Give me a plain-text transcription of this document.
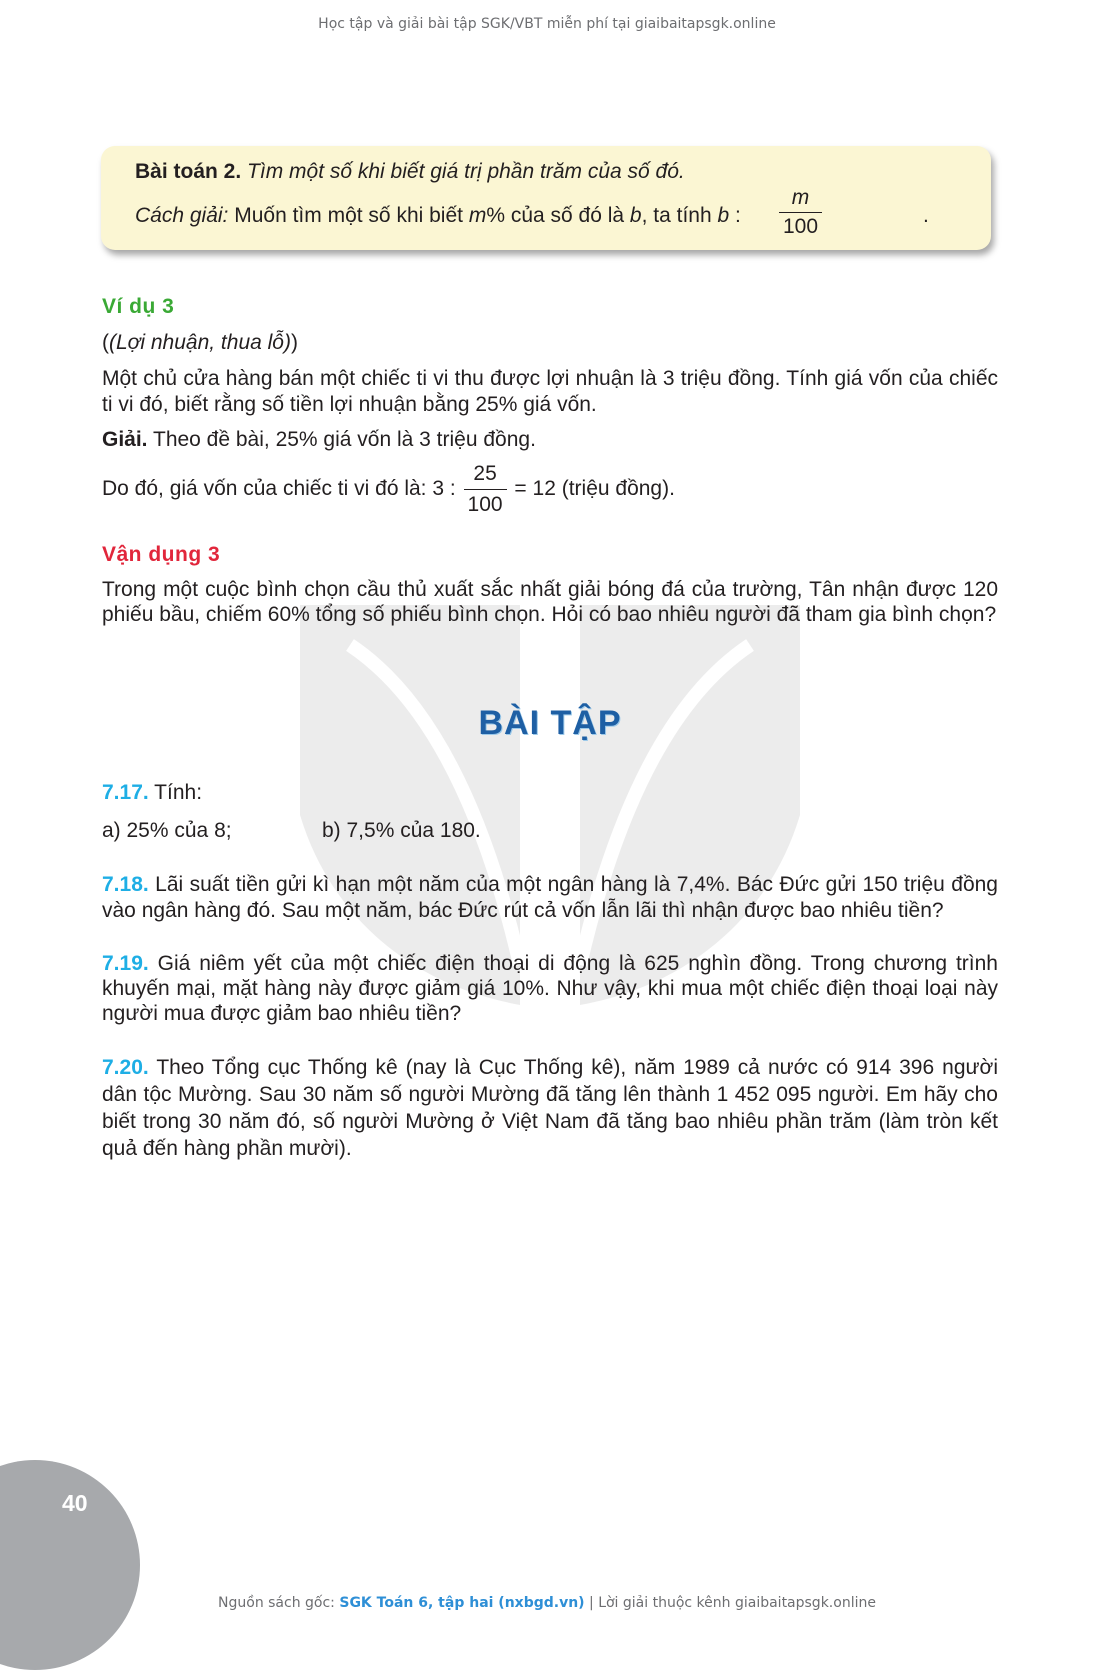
Học tập và giải bài tập SGK/VBT miễn phí tại giaibaitapsgk.online
Bài toán 2. Tìm một số khi biết giá trị phần trăm của số đó.
Cách giải: Muốn tìm một số khi biết m% của số đó là b, ta tính b : $\frac{m}{100}$	.
Ví dụ 3
((Lợi nhuận, thua lỗ))
Một chủ cửa hàng bán một chiếc ti vi thu được lợi nhuận là 3 triệu đồng. Tính giá vốn của chiếc ti vi đó, biết rằng số tiền lợi nhuận bằng 25% giá vốn.
Giải. Theo đề bài, 25% giá vốn là 3 triệu đồng.
Do đó, giá vốn của chiếc ti vi đó là: 3 : $\frac{25}{100} = 12$ (triệu đồng).
Vận dụng 3
Trong một cuộc bình chọn cầu thủ xuất sắc nhất giải bóng đá của trường, Tân nhận được 120 phiếu bầu, chiếm 60% tổng số phiếu bình chọn. Hỏi có bao nhiêu người đã tham gia bình chọn?
BÀI TẬP
7.17. Tính:
a) 25% của 8;	b) 7,5% của 180.
7.18. Lãi suất tiền gửi kì hạn một năm của một ngân hàng là 7,4%. Bác Đức gửi 150 triệu đồng vào ngân hàng đó. Sau một năm, bác Đức rút cả vốn lẫn lãi thì nhận được bao nhiêu tiền?
7.19. Giá niêm yết của một chiếc điện thoại di động là 625 nghìn đồng. Trong chương trình khuyến mại, mặt hàng này được giảm giá 10%. Như vậy, khi mua một chiếc điện thoại loại này người mua được giảm bao nhiêu tiền?
7.20. Theo Tổng cục Thống kê (nay là Cục Thống kê), năm 1989 cả nước có 914 396 người dân tộc Mường. Sau 30 năm số người Mường đã tăng lên thành 1 452 095 người. Em hãy cho biết trong 30 năm đó, số người Mường ở Việt Nam đã tăng bao nhiêu phần trăm (làm tròn kết quả đến hàng phần mười).
40
Nguồn sách gốc: SGK Toán 6, tập hai (nxbgd.vn) | Lời giải thuộc kênh giaibaitapsgk.online
